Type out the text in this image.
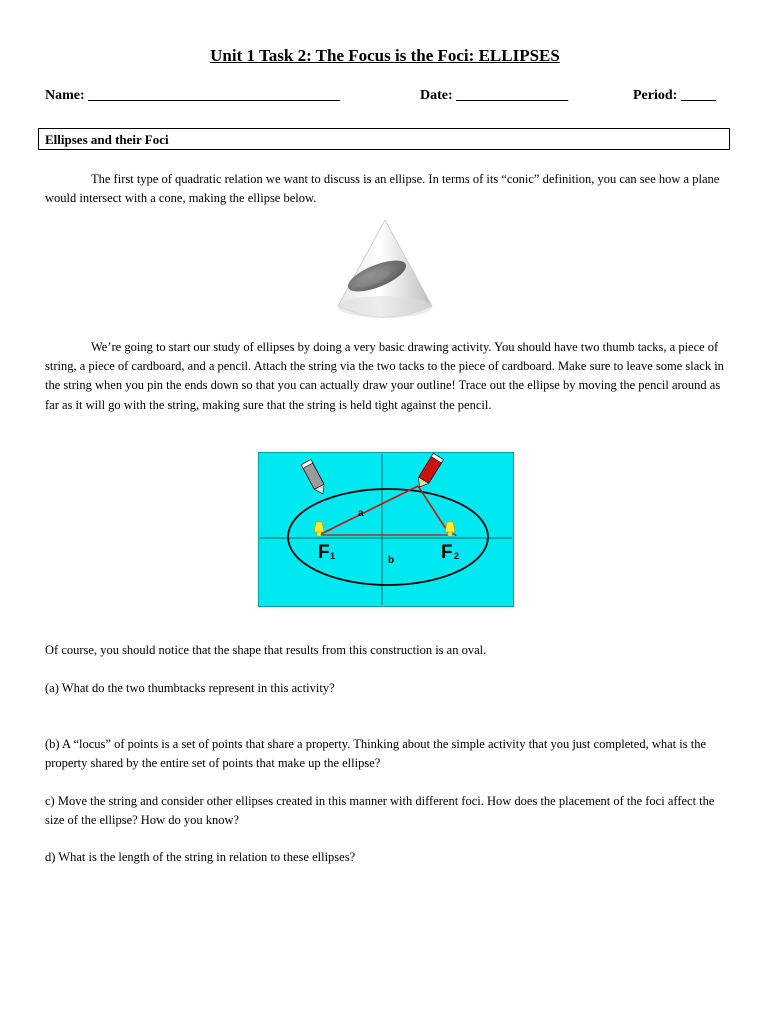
Unit 1 Task 2: The Focus is the Foci: ELLIPSES
Name: ____________________________________	Date: ________________	Period: _____
Ellipses and their Foci
The first type of quadratic relation we want to discuss is an ellipse. In terms of its “conic” definition, you can see how a plane would intersect with a cone, making the ellipse below.
We’re going to start our study of ellipses by doing a very basic drawing activity. You should have two thumb tacks, a piece of string, a piece of cardboard, and a pencil. Attach the string via the two tacks to the piece of cardboard. Make sure to leave some slack in the string when you pin the ends down so that you can actually draw your outline! Trace out the ellipse by moving the pencil around as far as it will go with the string, making sure that the string is held tight against the pencil.
a
b
F 1	F 2
Of course, you should notice that the shape that results from this construction is an oval.
(a) What do the two thumbtacks represent in this activity?
(b) A “locus” of points is a set of points that share a property. Thinking about the simple activity that you just completed, what is the property shared by the entire set of points that make up the ellipse?
c) Move the string and consider other ellipses created in this manner with different foci. How does the placement of the foci affect the size of the ellipse? How do you know?
d) What is the length of the string in relation to these ellipses?
